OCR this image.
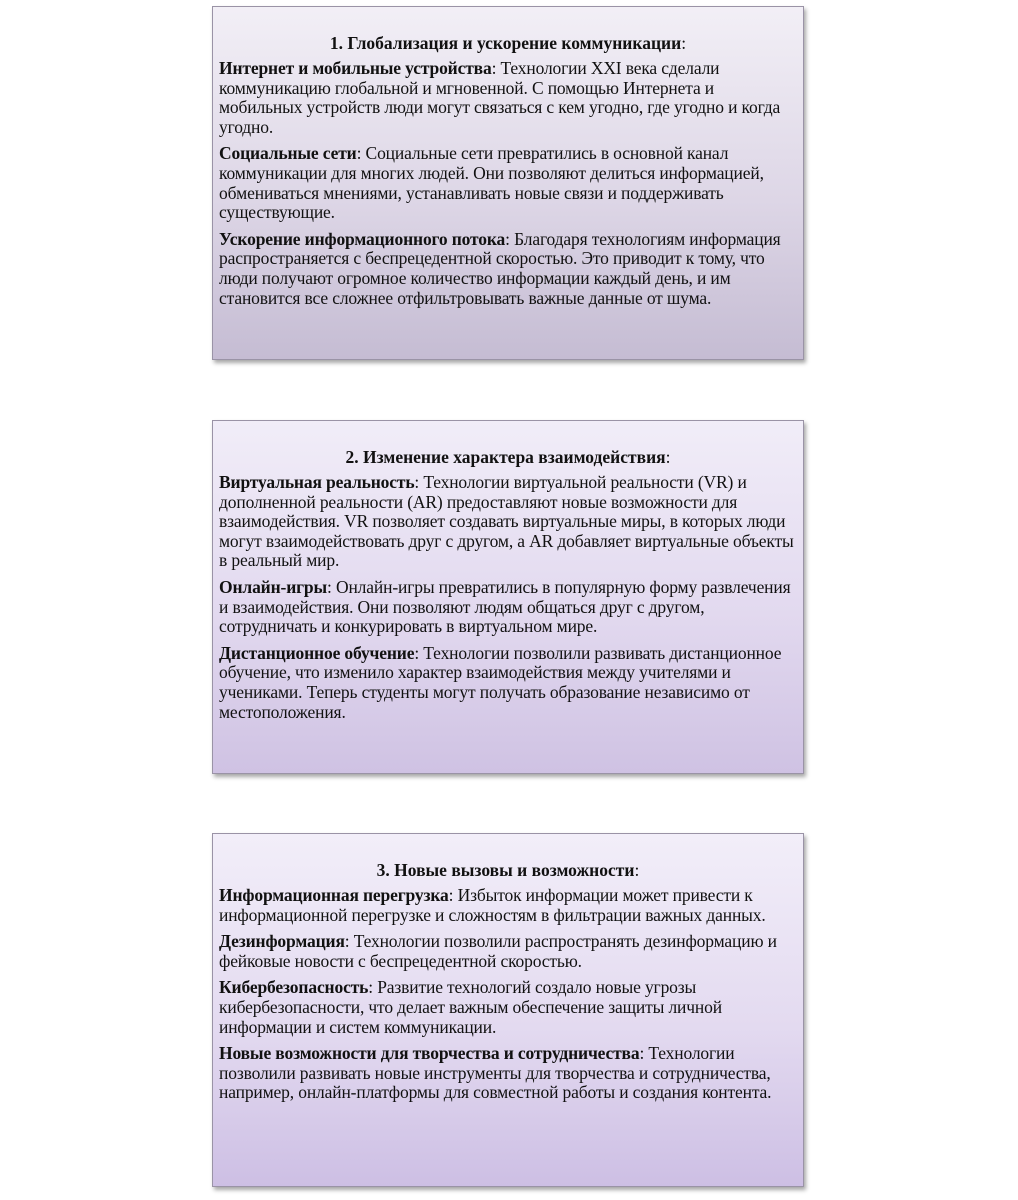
1. Глобализация и ускорение коммуникации:
Интернет и мобильные устройства: Технологии XXI века сделали коммуникацию глобальной и мгновенной. С помощью Интернета и мобильных устройств люди могут связаться с кем угодно, где угодно и когда угодно.
Социальные сети: Социальные сети превратились в основной канал коммуникации для многих людей. Они позволяют делиться информацией, обмениваться мнениями, устанавливать новые связи и поддерживать существующие.
Ускорение информационного потока: Благодаря технологиям информация распространяется с беспрецедентной скоростью. Это приводит к тому, что люди получают огромное количество информации каждый день, и им становится все сложнее отфильтровывать важные данные от шума.
2. Изменение характера взаимодействия:
Виртуальная реальность: Технологии виртуальной реальности (VR) и дополненной реальности (AR) предоставляют новые возможности для взаимодействия. VR позволяет создавать виртуальные миры, в которых люди могут взаимодействовать друг с другом, а AR добавляет виртуальные объекты в реальный мир.
Онлайн-игры: Онлайн-игры превратились в популярную форму развлечения и взаимодействия. Они позволяют людям общаться друг с другом, сотрудничать и конкурировать в виртуальном мире.
Дистанционное обучение: Технологии позволили развивать дистанционное обучение, что изменило характер взаимодействия между учителями и учениками. Теперь студенты могут получать образование независимо от местоположения.
3. Новые вызовы и возможности:
Информационная перегрузка: Избыток информации может привести к информационной перегрузке и сложностям в фильтрации важных данных.
Дезинформация: Технологии позволили распространять дезинформацию и фейковые новости с беспрецедентной скоростью.
Кибербезопасность: Развитие технологий создало новые угрозы кибербезопасности, что делает важным обеспечение защиты личной информации и систем коммуникации.
Новые возможности для творчества и сотрудничества: Технологии позволили развивать новые инструменты для творчества и сотрудничества, например, онлайн-платформы для совместной работы и создания контента.
